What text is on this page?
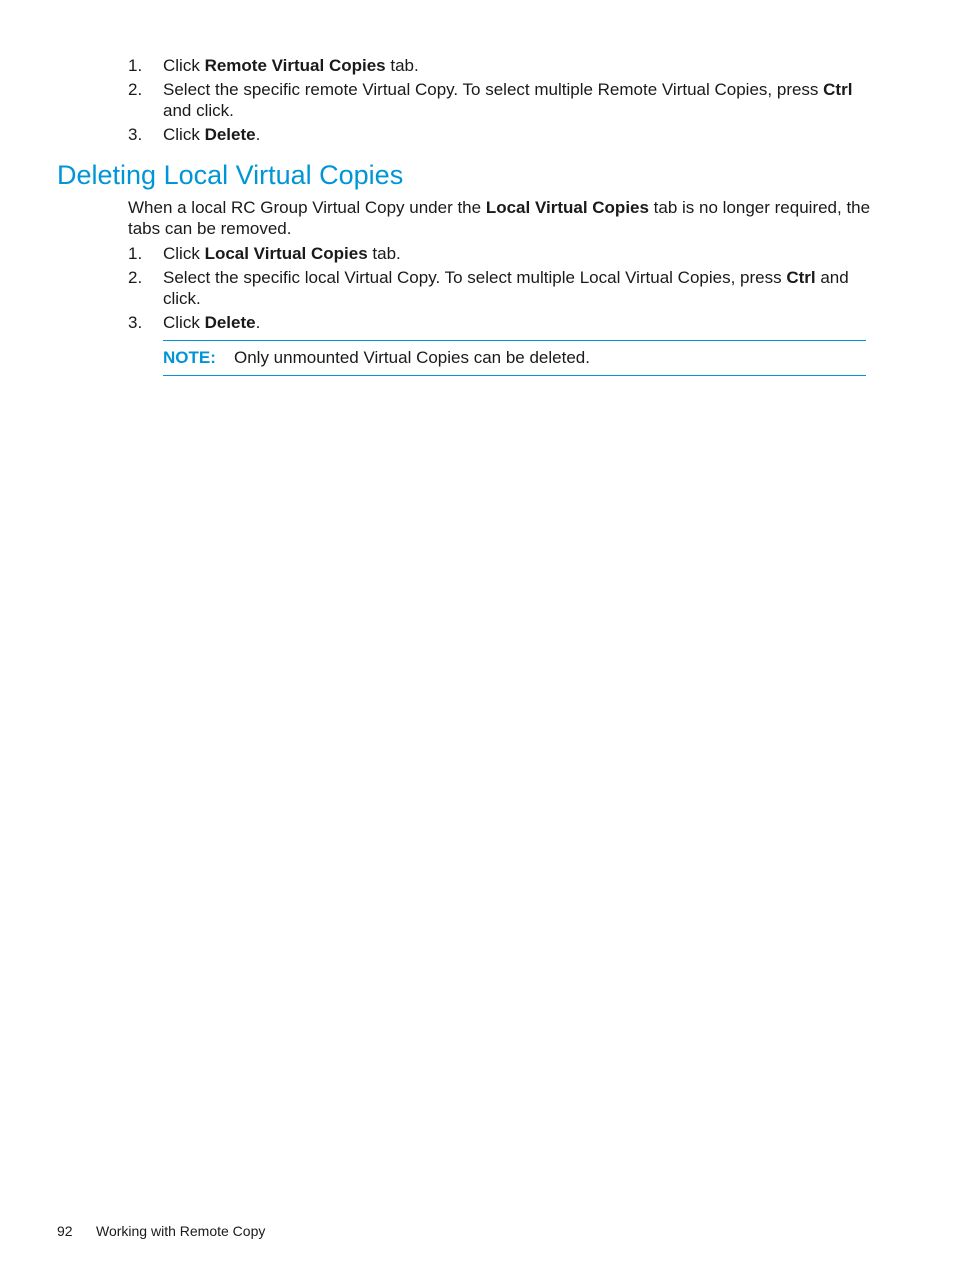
1. Click Remote Virtual Copies tab.
2. Select the specific remote Virtual Copy. To select multiple Remote Virtual Copies, press Ctrl and click.
3. Click Delete.
Deleting Local Virtual Copies
When a local RC Group Virtual Copy under the Local Virtual Copies tab is no longer required, the tabs can be removed.
1. Click Local Virtual Copies tab.
2. Select the specific local Virtual Copy. To select multiple Local Virtual Copies, press Ctrl and click.
3. Click Delete.
NOTE: Only unmounted Virtual Copies can be deleted.
92 Working with Remote Copy
